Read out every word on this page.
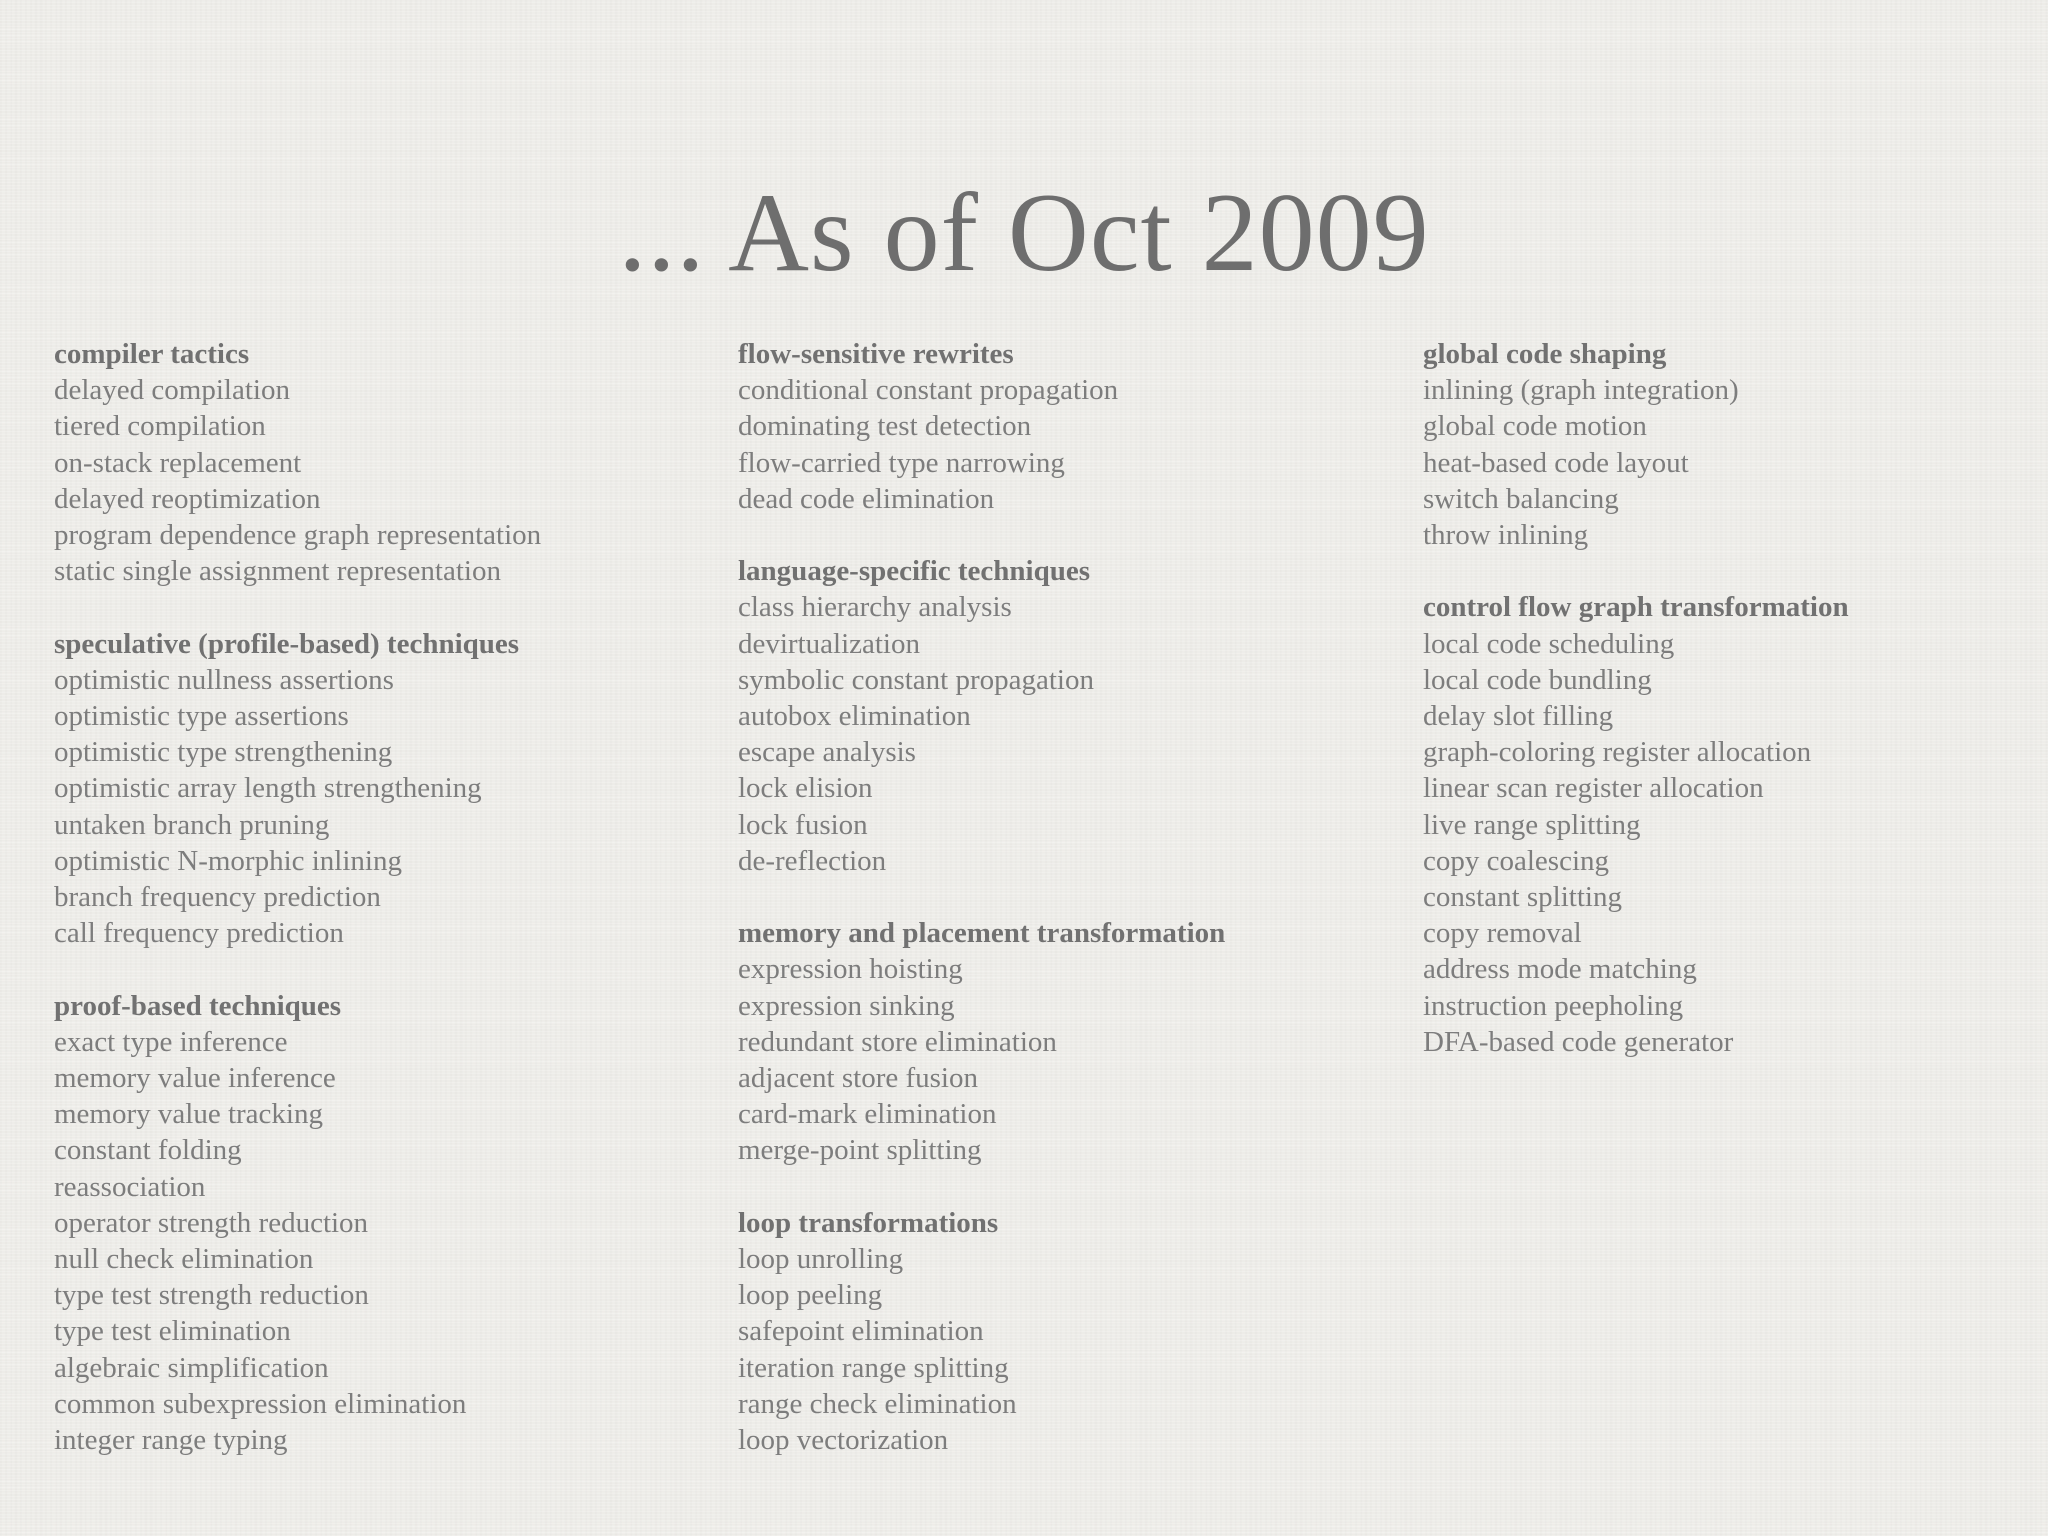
... As of Oct 2009
compiler tactics
delayed compilation
tiered compilation
on-stack replacement
delayed reoptimization
program dependence graph representation
static single assignment representation
speculative (profile-based) techniques
optimistic nullness assertions
optimistic type assertions
optimistic type strengthening
optimistic array length strengthening
untaken branch pruning
optimistic N-morphic inlining
branch frequency prediction
call frequency prediction
proof-based techniques
exact type inference
memory value inference
memory value tracking
constant folding
reassociation
operator strength reduction
null check elimination
type test strength reduction
type test elimination
algebraic simplification
common subexpression elimination
integer range typing
flow-sensitive rewrites
conditional constant propagation
dominating test detection
flow-carried type narrowing
dead code elimination
language-specific techniques
class hierarchy analysis
devirtualization
symbolic constant propagation
autobox elimination
escape analysis
lock elision
lock fusion
de-reflection
memory and placement transformation
expression hoisting
expression sinking
redundant store elimination
adjacent store fusion
card-mark elimination
merge-point splitting
loop transformations
loop unrolling
loop peeling
safepoint elimination
iteration range splitting
range check elimination
loop vectorization
global code shaping
inlining (graph integration)
global code motion
heat-based code layout
switch balancing
throw inlining
control flow graph transformation
local code scheduling
local code bundling
delay slot filling
graph-coloring register allocation
linear scan register allocation
live range splitting
copy coalescing
constant splitting
copy removal
address mode matching
instruction peepholing
DFA-based code generator
